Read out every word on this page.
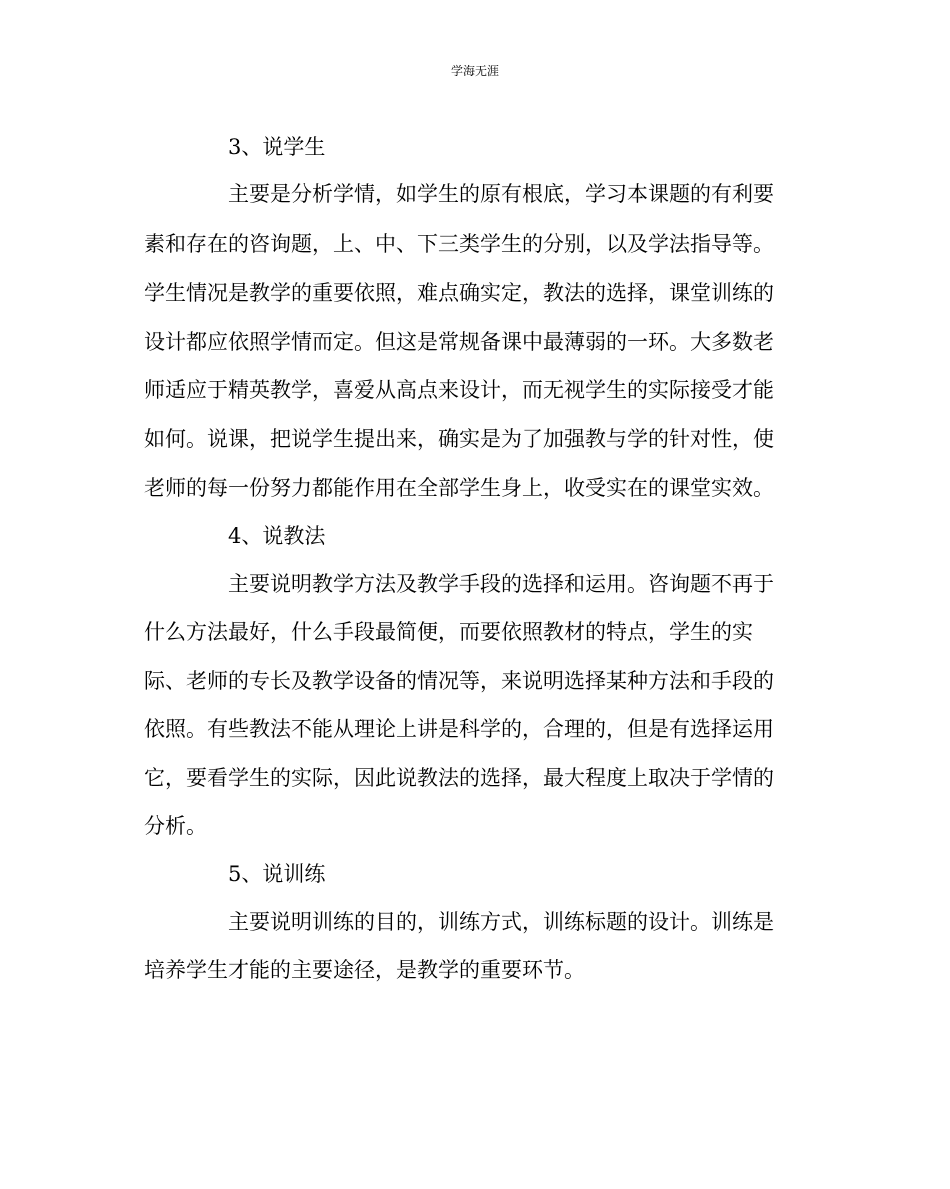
学海无涯
3、说学生
主要是分析学情，如学生的原有根底，学习本课题的有利要
素和存在的咨询题，上、中、下三类学生的分别，以及学法指导等。
学生情况是教学的重要依照，难点确实定，教法的选择，课堂训练的
设计都应依照学情而定。但这是常规备课中最薄弱的一环。大多数老
师适应于精英教学，喜爱从高点来设计，而无视学生的实际接受才能
如何。说课，把说学生提出来，确实是为了加强教与学的针对性，使
老师的每一份努力都能作用在全部学生身上，收受实在的课堂实效。
4、说教法
主要说明教学方法及教学手段的选择和运用。咨询题不再于
什么方法最好，什么手段最简便，而要依照教材的特点，学生的实
际、老师的专长及教学设备的情况等，来说明选择某种方法和手段的
依照。有些教法不能从理论上讲是科学的，合理的，但是有选择运用
它，要看学生的实际，因此说教法的选择，最大程度上取决于学情的
分析。
5、说训练
主要说明训练的目的，训练方式，训练标题的设计。训练是
培养学生才能的主要途径，是教学的重要环节。
